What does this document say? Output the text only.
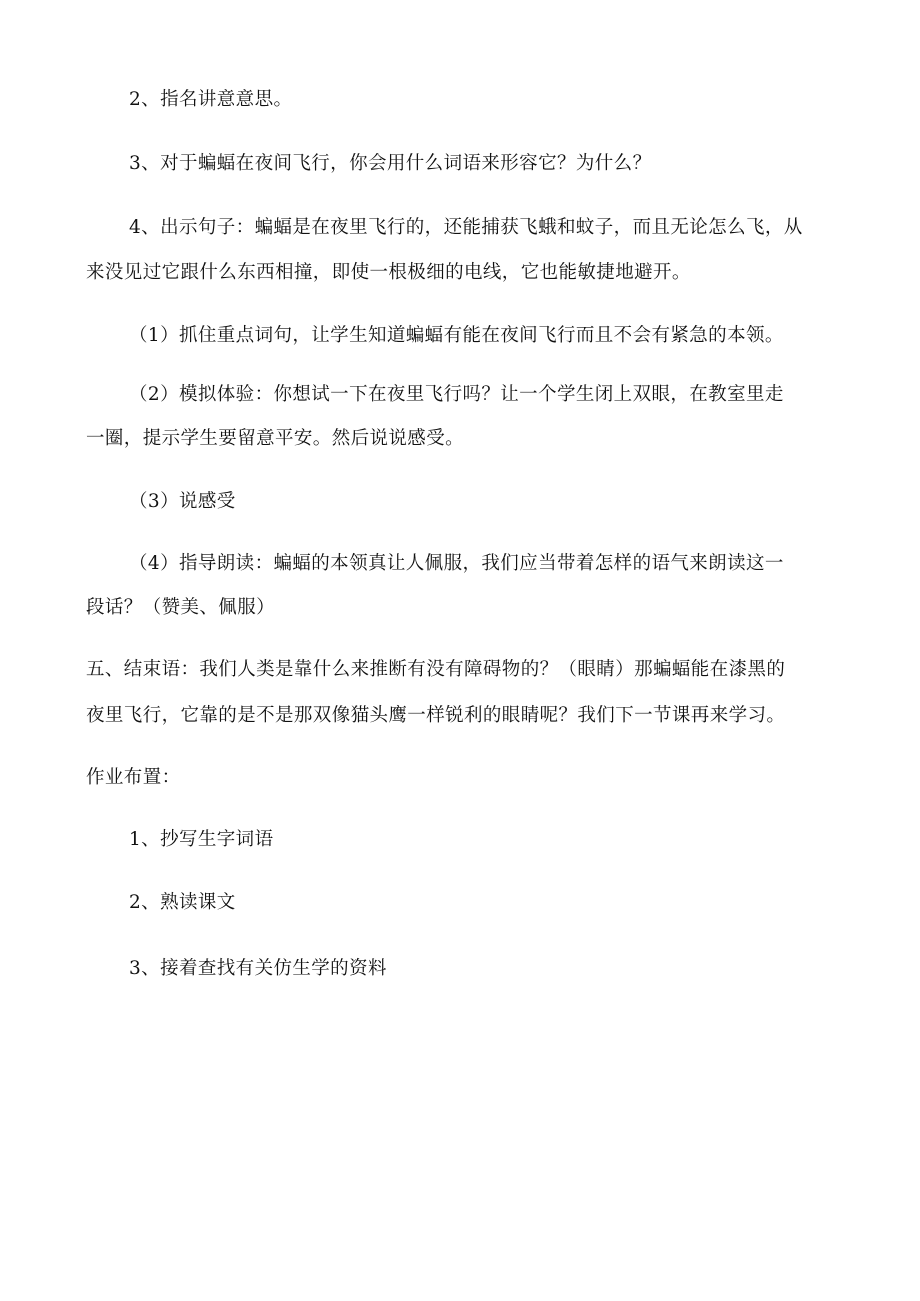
2、指名讲意意思。
3、对于蝙蝠在夜间飞行，你会用什么词语来形容它？为什么？
4、出示句子：蝙蝠是在夜里飞行的，还能捕获飞蛾和蚊子，而且无论怎么飞，从
来没见过它跟什么东西相撞，即使一根极细的电线，它也能敏捷地避开。
（1）抓住重点词句，让学生知道蝙蝠有能在夜间飞行而且不会有紧急的本领。
（2）模拟体验：你想试一下在夜里飞行吗？让一个学生闭上双眼，在教室里走
一圈，提示学生要留意平安。然后说说感受。
（3）说感受
（4）指导朗读：蝙蝠的本领真让人佩服，我们应当带着怎样的语气来朗读这一
段话？（赞美、佩服）
五、结束语：我们人类是靠什么来推断有没有障碍物的？（眼睛）那蝙蝠能在漆黑的
夜里飞行，它靠的是不是那双像猫头鹰一样锐利的眼睛呢？我们下一节课再来学习。
作业布置：
1、抄写生字词语
2、熟读课文
3、接着查找有关仿生学的资料
